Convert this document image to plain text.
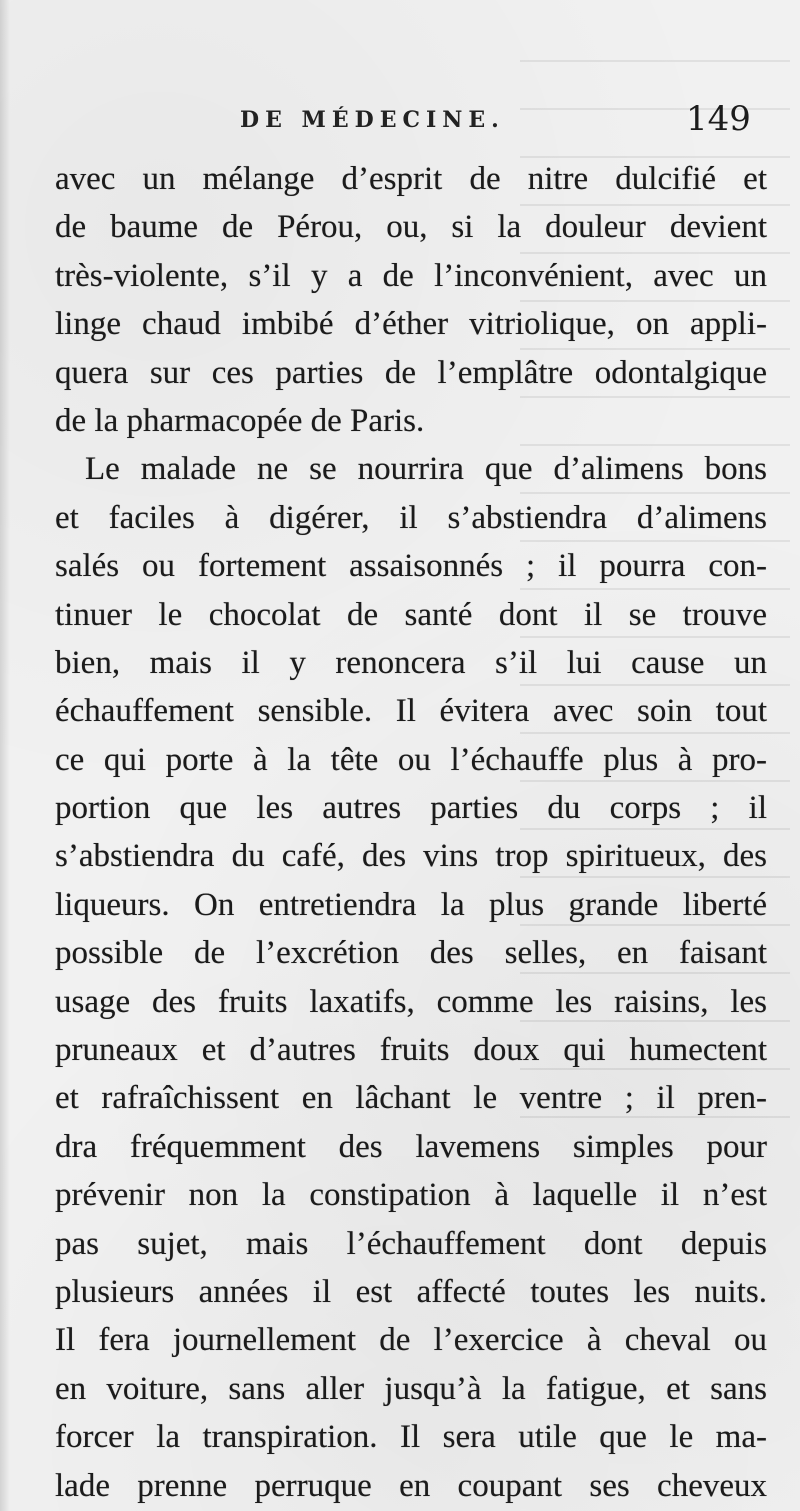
DE MÉDECINE.	149
avec un mélange d’esprit de nitre dulcifié et
de baume de Pérou, ou, si la douleur devient
très-violente, s’il y a de l’inconvénient, avec un
linge chaud imbibé d’éther vitriolique, on appli-
quera sur ces parties de l’emplâtre odontalgique
de la pharmacopée de Paris.
Le malade ne se nourrira que d’alimens bons
et faciles à digérer, il s’abstiendra d’alimens
salés ou fortement assaisonnés ; il pourra con-
tinuer le chocolat de santé dont il se trouve
bien, mais il y renoncera s’il lui cause un
échauffement sensible. Il évitera avec soin tout
ce qui porte à la tête ou l’échauffe plus à pro-
portion que les autres parties du corps ; il
s’abstiendra du café, des vins trop spiritueux, des
liqueurs. On entretiendra la plus grande liberté
possible de l’excrétion des selles, en faisant
usage des fruits laxatifs, comme les raisins, les
pruneaux et d’autres fruits doux qui humectent
et rafraîchissent en lâchant le ventre ; il pren-
dra fréquemment des lavemens simples pour
prévenir non la constipation à laquelle il n’est
pas sujet, mais l’échauffement dont depuis
plusieurs années il est affecté toutes les nuits.
Il fera journellement de l’exercice à cheval ou
en voiture, sans aller jusqu’à la fatigue, et sans
forcer la transpiration. Il sera utile que le ma-
lade prenne perruque en coupant ses cheveux
